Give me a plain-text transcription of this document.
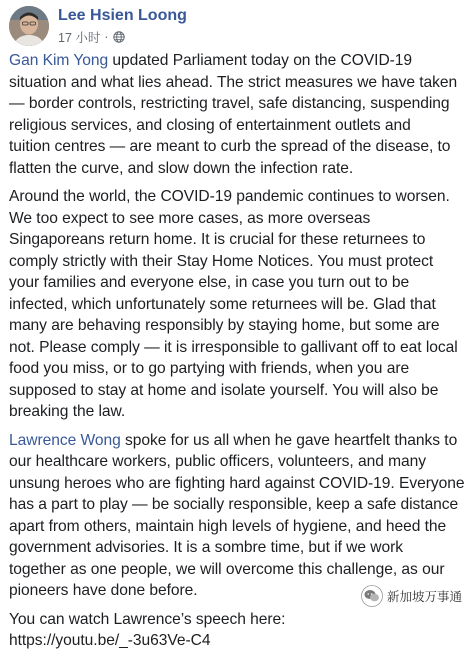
Lee Hsien Loong
17 小时 ·
Gan Kim Yong updated Parliament today on the COVID-19
situation and what lies ahead. The strict measures we have taken
— border controls, restricting travel, safe distancing, suspending
religious services, and closing of entertainment outlets and
tuition centres — are meant to curb the spread of the disease, to
flatten the curve, and slow down the infection rate.
Around the world, the COVID-19 pandemic continues to worsen.
We too expect to see more cases, as more overseas
Singaporeans return home. It is crucial for these returnees to
comply strictly with their Stay Home Notices. You must protect
your families and everyone else, in case you turn out to be
infected, which unfortunately some returnees will be. Glad that
many are behaving responsibly by staying home, but some are
not. Please comply — it is irresponsible to gallivant off to eat local
food you miss, or to go partying with friends, when you are
supposed to stay at home and isolate yourself. You will also be
breaking the law.
Lawrence Wong spoke for us all when he gave heartfelt thanks to
our healthcare workers, public officers, volunteers, and many
unsung heroes who are fighting hard against COVID-19. Everyone
has a part to play — be socially responsible, keep a safe distance
apart from others, maintain high levels of hygiene, and heed the
government advisories. It is a sombre time, but if we work
together as one people, we will overcome this challenge, as our
pioneers have done before.
You can watch Lawrence’s speech here:
https://youtu.be/_-3u63Ve-C4
新加坡万事通
